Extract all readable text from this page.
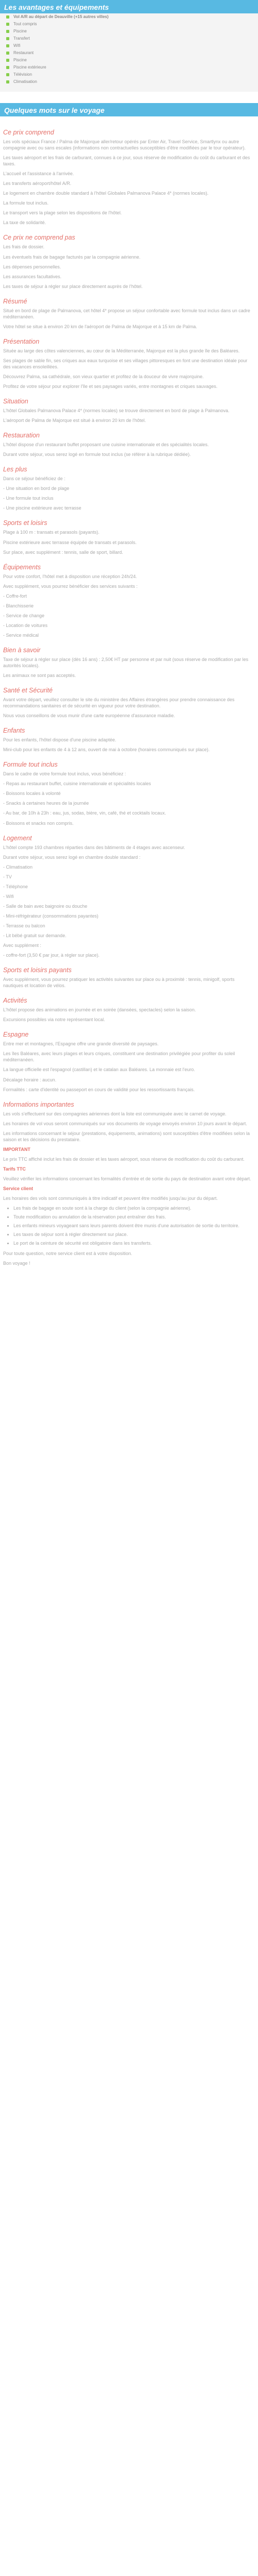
Les avantages et équipements
Vol A/R au départ de Deauville (+15 autres villes)
Tout compris
Piscine
Transfert
Wifi
Restaurant
Piscine
Piscine extérieure
Télévision
Climatisation
Quelques mots sur le voyage
Ce prix comprend

Les vols spéciaux France / Palma de Majorque aller/retour opérés par Enter Air, Travel Service, Smartlynx ou autre compagnie avec ou sans escales (informations non contractuelles susceptibles d'être modifiées par le tour opérateur).

Les taxes aéroport et les frais de carburant, connues à ce jour, sous réserve de modification du coût du carburant et des taxes.

L'accueil et l'assistance à l'arrivée.

Les transferts aéroport/hôtel A/R.

Le logement en chambre double standard à l'hôtel Globales Palmanova Palace 4* (normes locales).

La formule tout inclus.

Le transport vers la plage selon les dispositions de l'hôtel.

La taxe de solidarité.

Ce prix ne comprend pas

Les frais de dossier.

Les éventuels frais de bagage facturés par la compagnie aérienne.

Les dépenses personnelles.

Les assurances facultatives.

Les taxes de séjour à régler sur place directement auprès de l'hôtel.

Résumé

Situé en bord de plage de Palmanova, cet hôtel 4* propose un séjour confortable avec formule tout inclus dans un cadre méditerranéen.

Votre hôtel se situe à environ 20 km de l'aéroport de Palma de Majorque et à 15 km de Palma.

Présentation

Située au large des côtes valenciennes, au cœur de la Méditerranée, Majorque est la plus grande île des Baléares.

Ses plages de sable fin, ses criques aux eaux turquoise et ses villages pittoresques en font une destination idéale pour des vacances ensoleillées.

Découvrez Palma, sa cathédrale, son vieux quartier et profitez de la douceur de vivre majorquine.

Profitez de votre séjour pour explorer l'île et ses paysages variés, entre montagnes et criques sauvages.

Situation

L'hôtel Globales Palmanova Palace 4* (normes locales) se trouve directement en bord de plage à Palmanova.

L'aéroport de Palma de Majorque est situé à environ 20 km de l'hôtel.

Restauration

L'hôtel dispose d'un restaurant buffet proposant une cuisine internationale et des spécialités locales.

Durant votre séjour, vous serez logé en formule tout inclus (se référer à la rubrique dédiée).

Les plus

Dans ce séjour bénéficiez de :

- Une situation en bord de plage

- Une formule tout inclus

- Une piscine extérieure avec terrasse

Sports et loisirs

Plage à 100 m : transats et parasols (payants).

Piscine extérieure avec terrasse équipée de transats et parasols.

Sur place, avec supplément : tennis, salle de sport, billard.

Équipements

Pour votre confort, l'hôtel met à disposition une réception 24h/24.

Avec supplément, vous pourrez bénéficier des services suivants :

- Coffre-fort

- Blanchisserie

- Service de change

- Location de voitures

- Service médical

Bien à savoir

Taxe de séjour à régler sur place (dès 16 ans) : 2,50€ HT par personne et par nuit (sous réserve de modification par les autorités locales).

Les animaux ne sont pas acceptés.

Santé et Sécurité

Avant votre départ, veuillez consulter le site du ministère des Affaires étrangères pour prendre connaissance des recommandations sanitaires et de sécurité en vigueur pour votre destination.

Nous vous conseillons de vous munir d'une carte européenne d'assurance maladie.

Enfants

Pour les enfants, l'hôtel dispose d'une piscine adaptée.

Mini-club pour les enfants de 4 à 12 ans, ouvert de mai à octobre (horaires communiqués sur place).

Formule tout inclus

Dans le cadre de votre formule tout inclus, vous bénéficiez :

- Repas au restaurant buffet, cuisine internationale et spécialités locales

- Boissons locales à volonté

- Snacks à certaines heures de la journée

- Au bar, de 10h à 23h : eau, jus, sodas, bière, vin, café, thé et cocktails locaux.

- Boissons et snacks non compris.

Logement

L'hôtel compte 193 chambres réparties dans des bâtiments de 4 étages avec ascenseur.

Durant votre séjour, vous serez logé en chambre double standard :

- Climatisation

- TV

- Téléphone

- Wifi

- Salle de bain avec baignoire ou douche

- Mini-réfrigérateur (consommations payantes)

- Terrasse ou balcon

- Lit bébé gratuit sur demande.

Avec supplément :

- coffre-fort (3,50 € par jour, à régler sur place).

Sports et loisirs payants

Avec supplément, vous pourrez pratiquer les activités suivantes sur place ou à proximité : tennis, minigolf, sports nautiques et location de vélos.

Activités

L'hôtel propose des animations en journée et en soirée (dansées, spectacles) selon la saison.

Excursions possibles via notre représentant local.

Espagne

Entre mer et montagnes, l'Espagne offre une grande diversité de paysages.

Les îles Baléares, avec leurs plages et leurs criques, constituent une destination privilégiée pour profiter du soleil méditerranéen.

La langue officielle est l'espagnol (castillan) et le catalan aux Baléares. La monnaie est l'euro.

Décalage horaire : aucun.

Formalités : carte d'identité ou passeport en cours de validité pour les ressortissants français.

Informations importantes

Les vols s'effectuent sur des compagnies aériennes dont la liste est communiquée avec le carnet de voyage.

Les horaires de vol vous seront communiqués sur vos documents de voyage envoyés environ 10 jours avant le départ.

Les informations concernant le séjour (prestations, équipements, animations) sont susceptibles d'être modifiées selon la saison et les décisions du prestataire.

IMPORTANT

Le prix TTC affiché inclut les frais de dossier et les taxes aéroport, sous réserve de modification du coût du carburant.

Tarifs TTC

Veuillez vérifier les informations concernant les formalités d'entrée et de sortie du pays de destination avant votre départ.

Service client

Les horaires des vols sont communiqués à titre indicatif et peuvent être modifiés jusqu'au jour du départ.

• Les frais de bagage en soute sont à la charge du client (selon la compagnie aérienne).
• Toute modification ou annulation de la réservation peut entraîner des frais.
• Les enfants mineurs voyageant sans leurs parents doivent être munis d'une autorisation de sortie du territoire.
• Les taxes de séjour sont à régler directement sur place.
• Le port de la ceinture de sécurité est obligatoire dans les transferts.

Pour toute question, notre service client est à votre disposition.

Bon voyage !
